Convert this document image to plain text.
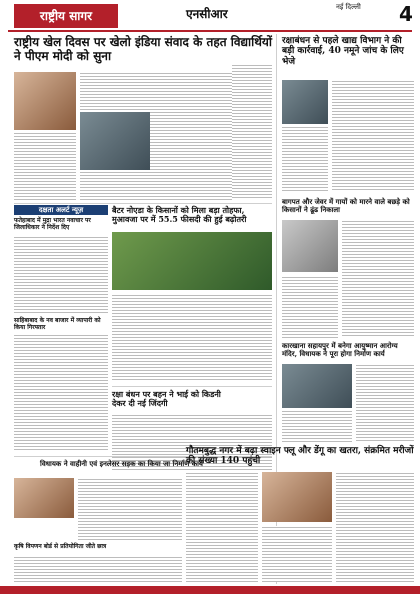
राष्ट्रीय सागर	एनसीआर	नई दिल्ली 4
राष्ट्रीय खेल दिवस पर खेलो इंडिया संवाद के तहत विद्यार्थियों ने पीएम मोदी को सुना
रक्षाबंधन से पहले खाद्य विभाग ने की बड़ी कार्रवाई, 40 नमूने जांच के लिए भेजे
दक्षता अलर्ट न्यूज़
फतेहाबाद में मुद्रा भारत नवाचार पर जिलाधिकार ने निर्देश दिए
साहिबाबाद के नव बाजार में व्यापारी को किया गिरफ्तार
बैटर नोएडा के किसानों को मिला बड़ा तोहफा, मुआवजा पर में 55.5 फीसदी की हुई बढ़ोतरी
बागपत और जेवर में गायों को मारने वाले बछड़े को किसानों ने ढूंढ निकाला
रक्षा बंधन पर बहन ने भाई को किडनी देकर दी नई जिंदगी
कारखाना सहायपुर में बनेगा आयुष्मान आरोग्य मंदिर, विधायक ने पूरा होगा निर्माण कार्य
विधायक ने वाहीनी एवं इनलेसर सड़क का किया जा निर्माण कार्य
गौतमबुद्ध नगर में बढ़ा स्वाइन फ्लू और डेंगू का खतरा, संक्रमित मरीजों की संख्या 140 पहुंची
कृषि विपणन बोर्ड से प्रतियोगिता जीते छात्र
